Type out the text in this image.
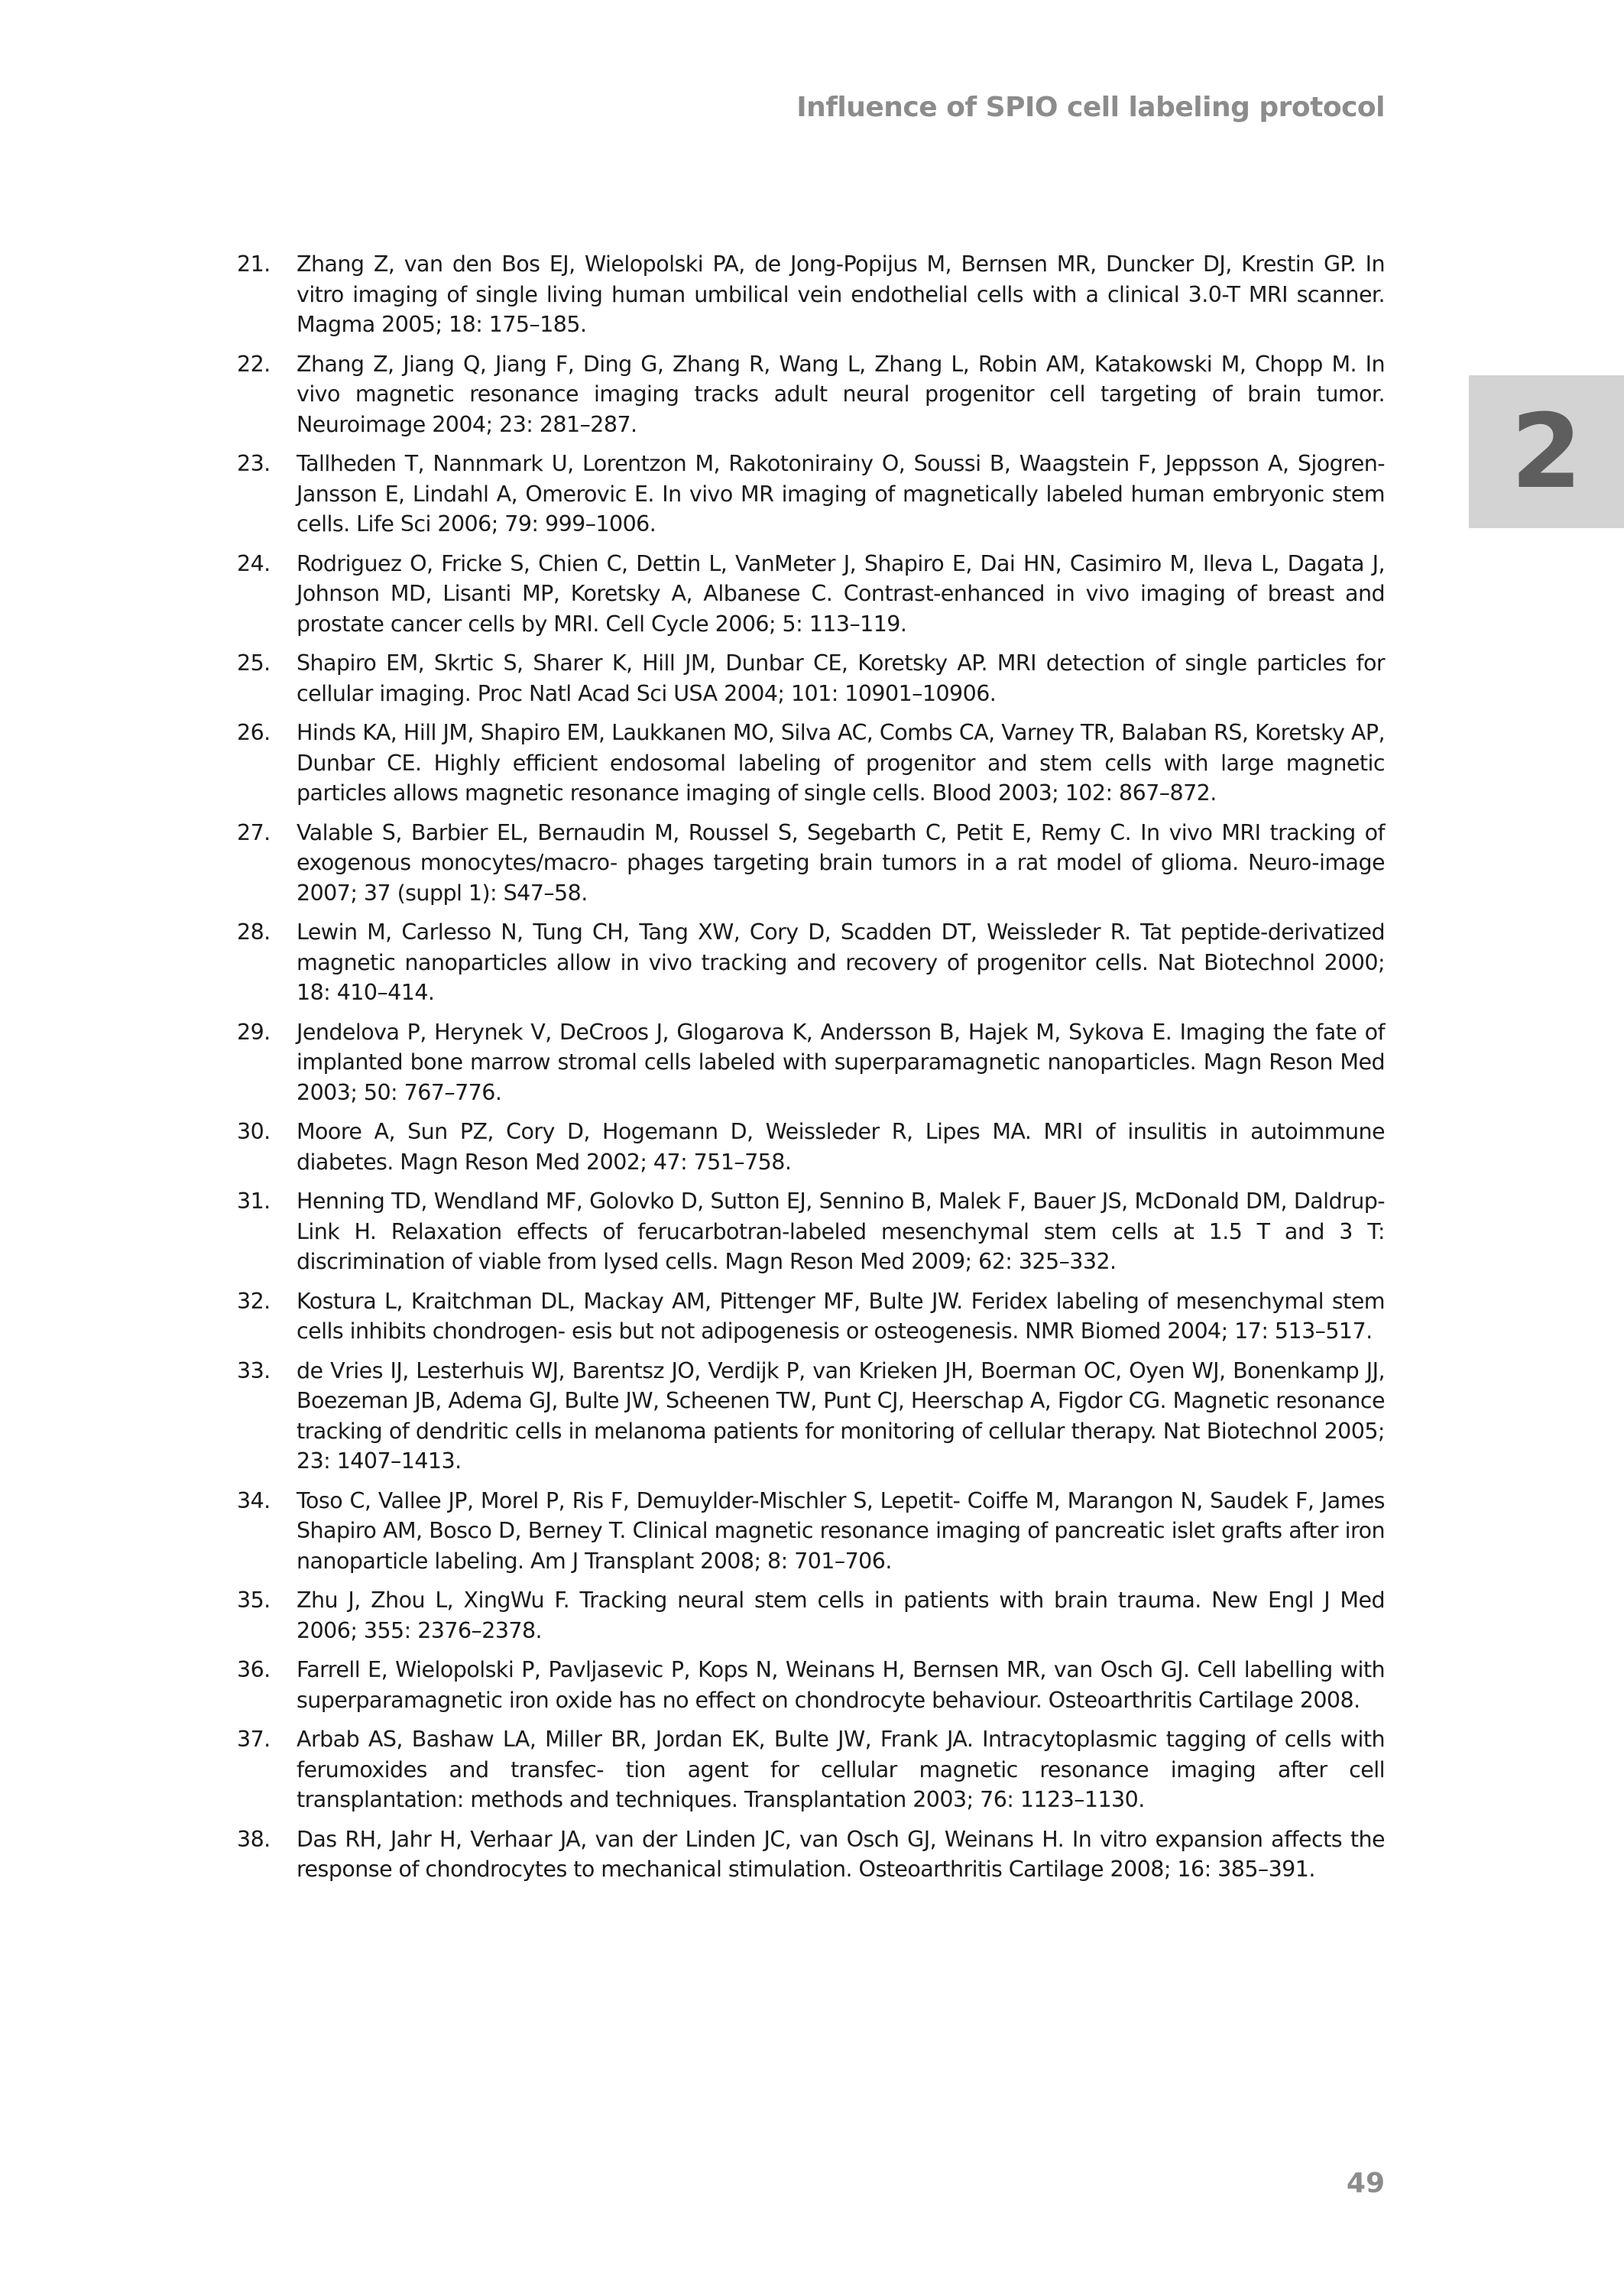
Influence of SPIO cell labeling protocol
2
21. Zhang Z, van den Bos EJ, Wielopolski PA, de Jong-Popijus M, Bernsen MR, Duncker DJ, Krestin GP. In vitro imaging of single living human umbilical vein endothelial cells with a clinical 3.0-T MRI scanner. Magma 2005; 18: 175–185.
22. Zhang Z, Jiang Q, Jiang F, Ding G, Zhang R, Wang L, Zhang L, Robin AM, Katakowski M, Chopp M. In vivo magnetic resonance imaging tracks adult neural progenitor cell targeting of brain tumor. Neuroimage 2004; 23: 281–287.
23. Tallheden T, Nannmark U, Lorentzon M, Rakotonirainy O, Soussi B, Waagstein F, Jeppsson A, Sjogren-Jansson E, Lindahl A, Omerovic E. In vivo MR imaging of magnetically labeled human embryonic stem cells. Life Sci 2006; 79: 999–1006.
24. Rodriguez O, Fricke S, Chien C, Dettin L, VanMeter J, Shapiro E, Dai HN, Casimiro M, Ileva L, Dagata J, Johnson MD, Lisanti MP, Koretsky A, Albanese C. Contrast-enhanced in vivo imaging of breast and prostate cancer cells by MRI. Cell Cycle 2006; 5: 113–119.
25. Shapiro EM, Skrtic S, Sharer K, Hill JM, Dunbar CE, Koretsky AP. MRI detection of single particles for cellular imaging. Proc Natl Acad Sci USA 2004; 101: 10901–10906.
26. Hinds KA, Hill JM, Shapiro EM, Laukkanen MO, Silva AC, Combs CA, Varney TR, Balaban RS, Koretsky AP, Dunbar CE. Highly efficient endosomal labeling of progenitor and stem cells with large magnetic particles allows magnetic resonance imaging of single cells. Blood 2003; 102: 867–872.
27. Valable S, Barbier EL, Bernaudin M, Roussel S, Segebarth C, Petit E, Remy C. In vivo MRI tracking of exogenous monocytes/macro- phages targeting brain tumors in a rat model of glioma. Neuro-image 2007; 37 (suppl 1): S47–58.
28. Lewin M, Carlesso N, Tung CH, Tang XW, Cory D, Scadden DT, Weissleder R. Tat peptide-derivatized magnetic nanoparticles allow in vivo tracking and recovery of progenitor cells. Nat Biotechnol 2000; 18: 410–414.
29. Jendelova P, Herynek V, DeCroos J, Glogarova K, Andersson B, Hajek M, Sykova E. Imaging the fate of implanted bone marrow stromal cells labeled with superparamagnetic nanoparticles. Magn Reson Med 2003; 50: 767–776.
30. Moore A, Sun PZ, Cory D, Hogemann D, Weissleder R, Lipes MA. MRI of insulitis in autoimmune diabetes. Magn Reson Med 2002; 47: 751–758.
31. Henning TD, Wendland MF, Golovko D, Sutton EJ, Sennino B, Malek F, Bauer JS, McDonald DM, Daldrup-Link H. Relaxation effects of ferucarbotran-labeled mesenchymal stem cells at 1.5 T and 3 T: discrimination of viable from lysed cells. Magn Reson Med 2009; 62: 325–332.
32. Kostura L, Kraitchman DL, Mackay AM, Pittenger MF, Bulte JW. Feridex labeling of mesenchymal stem cells inhibits chondrogen- esis but not adipogenesis or osteogenesis. NMR Biomed 2004; 17: 513–517.
33. de Vries IJ, Lesterhuis WJ, Barentsz JO, Verdijk P, van Krieken JH, Boerman OC, Oyen WJ, Bonenkamp JJ, Boezeman JB, Adema GJ, Bulte JW, Scheenen TW, Punt CJ, Heerschap A, Figdor CG. Magnetic resonance tracking of dendritic cells in melanoma patients for monitoring of cellular therapy. Nat Biotechnol 2005; 23: 1407–1413.
34. Toso C, Vallee JP, Morel P, Ris F, Demuylder-Mischler S, Lepetit- Coiffe M, Marangon N, Saudek F, James Shapiro AM, Bosco D, Berney T. Clinical magnetic resonance imaging of pancreatic islet grafts after iron nanoparticle labeling. Am J Transplant 2008; 8: 701–706.
35. Zhu J, Zhou L, XingWu F. Tracking neural stem cells in patients with brain trauma. New Engl J Med 2006; 355: 2376–2378.
36. Farrell E, Wielopolski P, Pavljasevic P, Kops N, Weinans H, Bernsen MR, van Osch GJ. Cell labelling with superparamagnetic iron oxide has no effect on chondrocyte behaviour. Osteoarthritis Cartilage 2008.
37. Arbab AS, Bashaw LA, Miller BR, Jordan EK, Bulte JW, Frank JA. Intracytoplasmic tagging of cells with ferumoxides and transfec- tion agent for cellular magnetic resonance imaging after cell transplantation: methods and techniques. Transplantation 2003; 76: 1123–1130.
38. Das RH, Jahr H, Verhaar JA, van der Linden JC, van Osch GJ, Weinans H. In vitro expansion affects the response of chondrocytes to mechanical stimulation. Osteoarthritis Cartilage 2008; 16: 385–391.
49
